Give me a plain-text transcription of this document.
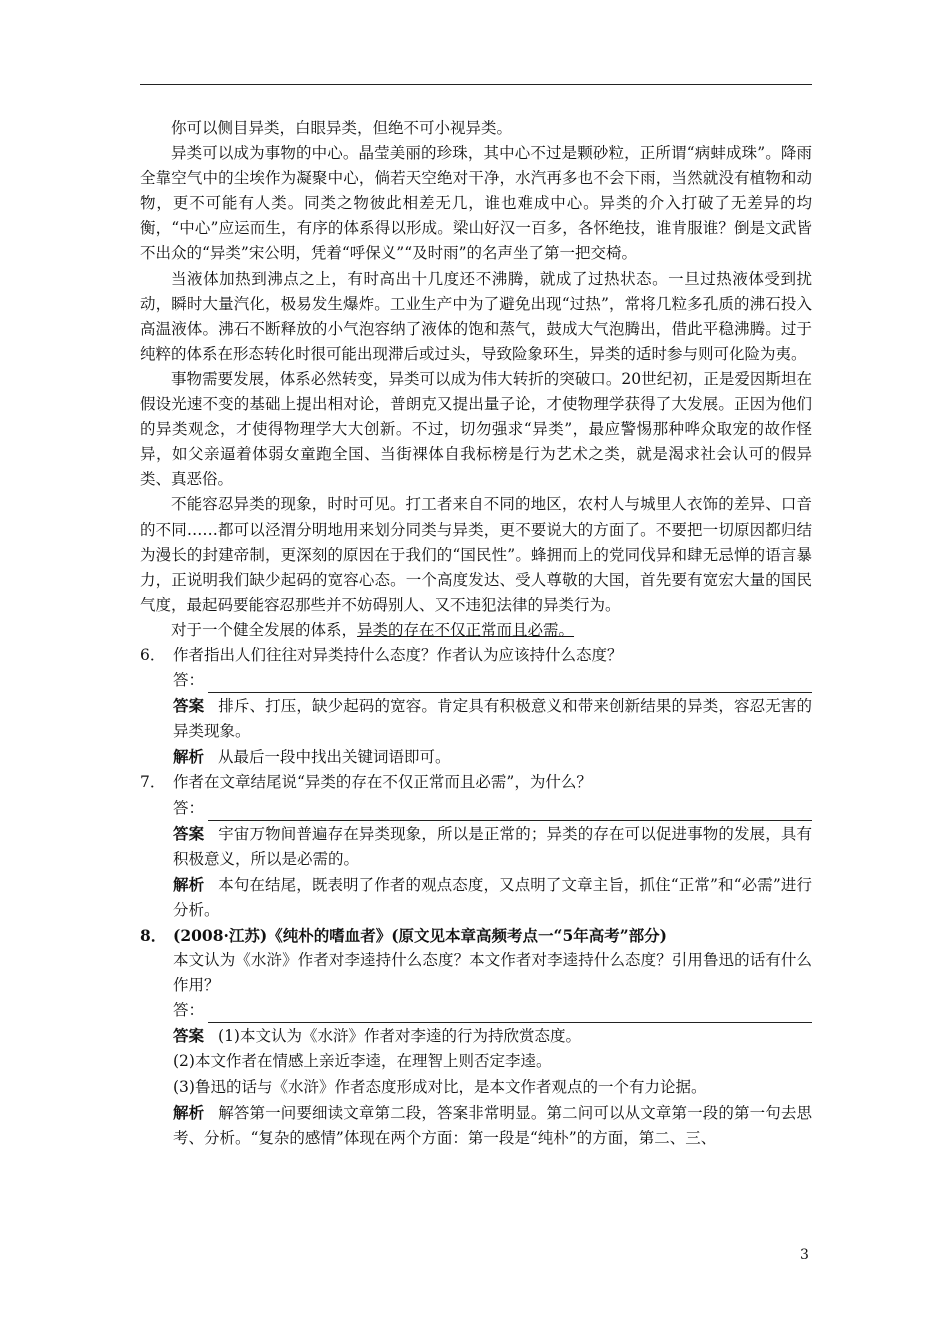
你可以侧目异类，白眼异类，但绝不可小视异类。

异类可以成为事物的中心。晶莹美丽的珍珠，其中心不过是颗砂粒，正所谓“病蚌成珠”。降雨全靠空气中的尘埃作为凝聚中心，倘若天空绝对干净，水汽再多也不会下雨，当然就没有植物和动物，更不可能有人类。同类之物彼此相差无几，谁也难成中心。异类的介入打破了无差异的均衡，“中心”应运而生，有序的体系得以形成。梁山好汉一百多，各怀绝技，谁肯服谁？倒是文武皆不出众的“异类”宋公明，凭着“呼保义”“及时雨”的名声坐了第一把交椅。

当液体加热到沸点之上，有时高出十几度还不沸腾，就成了过热状态。一旦过热液体受到扰动，瞬时大量汽化，极易发生爆炸。工业生产中为了避免出现“过热”，常将几粒多孔质的沸石投入高温液体。沸石不断释放的小气泡容纳了液体的饱和蒸气，鼓成大气泡腾出，借此平稳沸腾。过于纯粹的体系在形态转化时很可能出现滞后或过头，导致险象环生，异类的适时参与则可化险为夷。

事物需要发展，体系必然转变，异类可以成为伟大转折的突破口。20世纪初，正是爱因斯坦在假设光速不变的基础上提出相对论，普朗克又提出量子论，才使物理学获得了大发展。正因为他们的异类观念，才使得物理学大大创新。不过，切勿强求“异类”，最应警惕那种哗众取宠的故作怪异，如父亲逼着体弱女童跑全国、当街裸体自我标榜是行为艺术之类，就是渴求社会认可的假异类、真恶俗。

不能容忍异类的现象，时时可见。打工者来自不同的地区，农村人与城里人衣饰的差异、口音的不同……都可以泾渭分明地用来划分同类与异类，更不要说大的方面了。不要把一切原因都归结为漫长的封建帝制，更深刻的原因在于我们的“国民性”。蜂拥而上的党同伐异和肆无忌惮的语言暴力，正说明我们缺少起码的宽容心态。一个高度发达、受人尊敬的大国，首先要有宽宏大量的国民气度，最起码要能容忍那些并不妨碍别人、又不违犯法律的异类行为。

对于一个健全发展的体系，异类的存在不仅正常而且必需。

6． 作者指出人们往往对异类持什么态度？作者认为应该持什么态度？

答：

答案 排斥、打压，缺少起码的宽容。肯定具有积极意义和带来创新结果的异类，容忍无害的异类现象。

解析 从最后一段中找出关键词语即可。

7． 作者在文章结尾说“异类的存在不仅正常而且必需”，为什么？

答：

答案 宇宙万物间普遍存在异类现象，所以是正常的；异类的存在可以促进事物的发展，具有积极意义，所以是必需的。

解析 本句在结尾，既表明了作者的观点态度，又点明了文章主旨，抓住“正常”和“必需”进行分析。

8． (2008·江苏)《纯朴的嗜血者》(原文见本章高频考点一“5年高考”部分)

本文认为《水浒》作者对李逵持什么态度？本文作者对李逵持什么态度？引用鲁迅的话有什么作用？

答：

答案 (1)本文认为《水浒》作者对李逵的行为持欣赏态度。

(2)本文作者在情感上亲近李逵，在理智上则否定李逵。

(3)鲁迅的话与《水浒》作者态度形成对比，是本文作者观点的一个有力论据。

解析 解答第一问要细读文章第二段，答案非常明显。第二问可以从文章第一段的第一句去思考、分析。“复杂的感情”体现在两个方面：第一段是“纯朴”的方面，第二、三、

3
